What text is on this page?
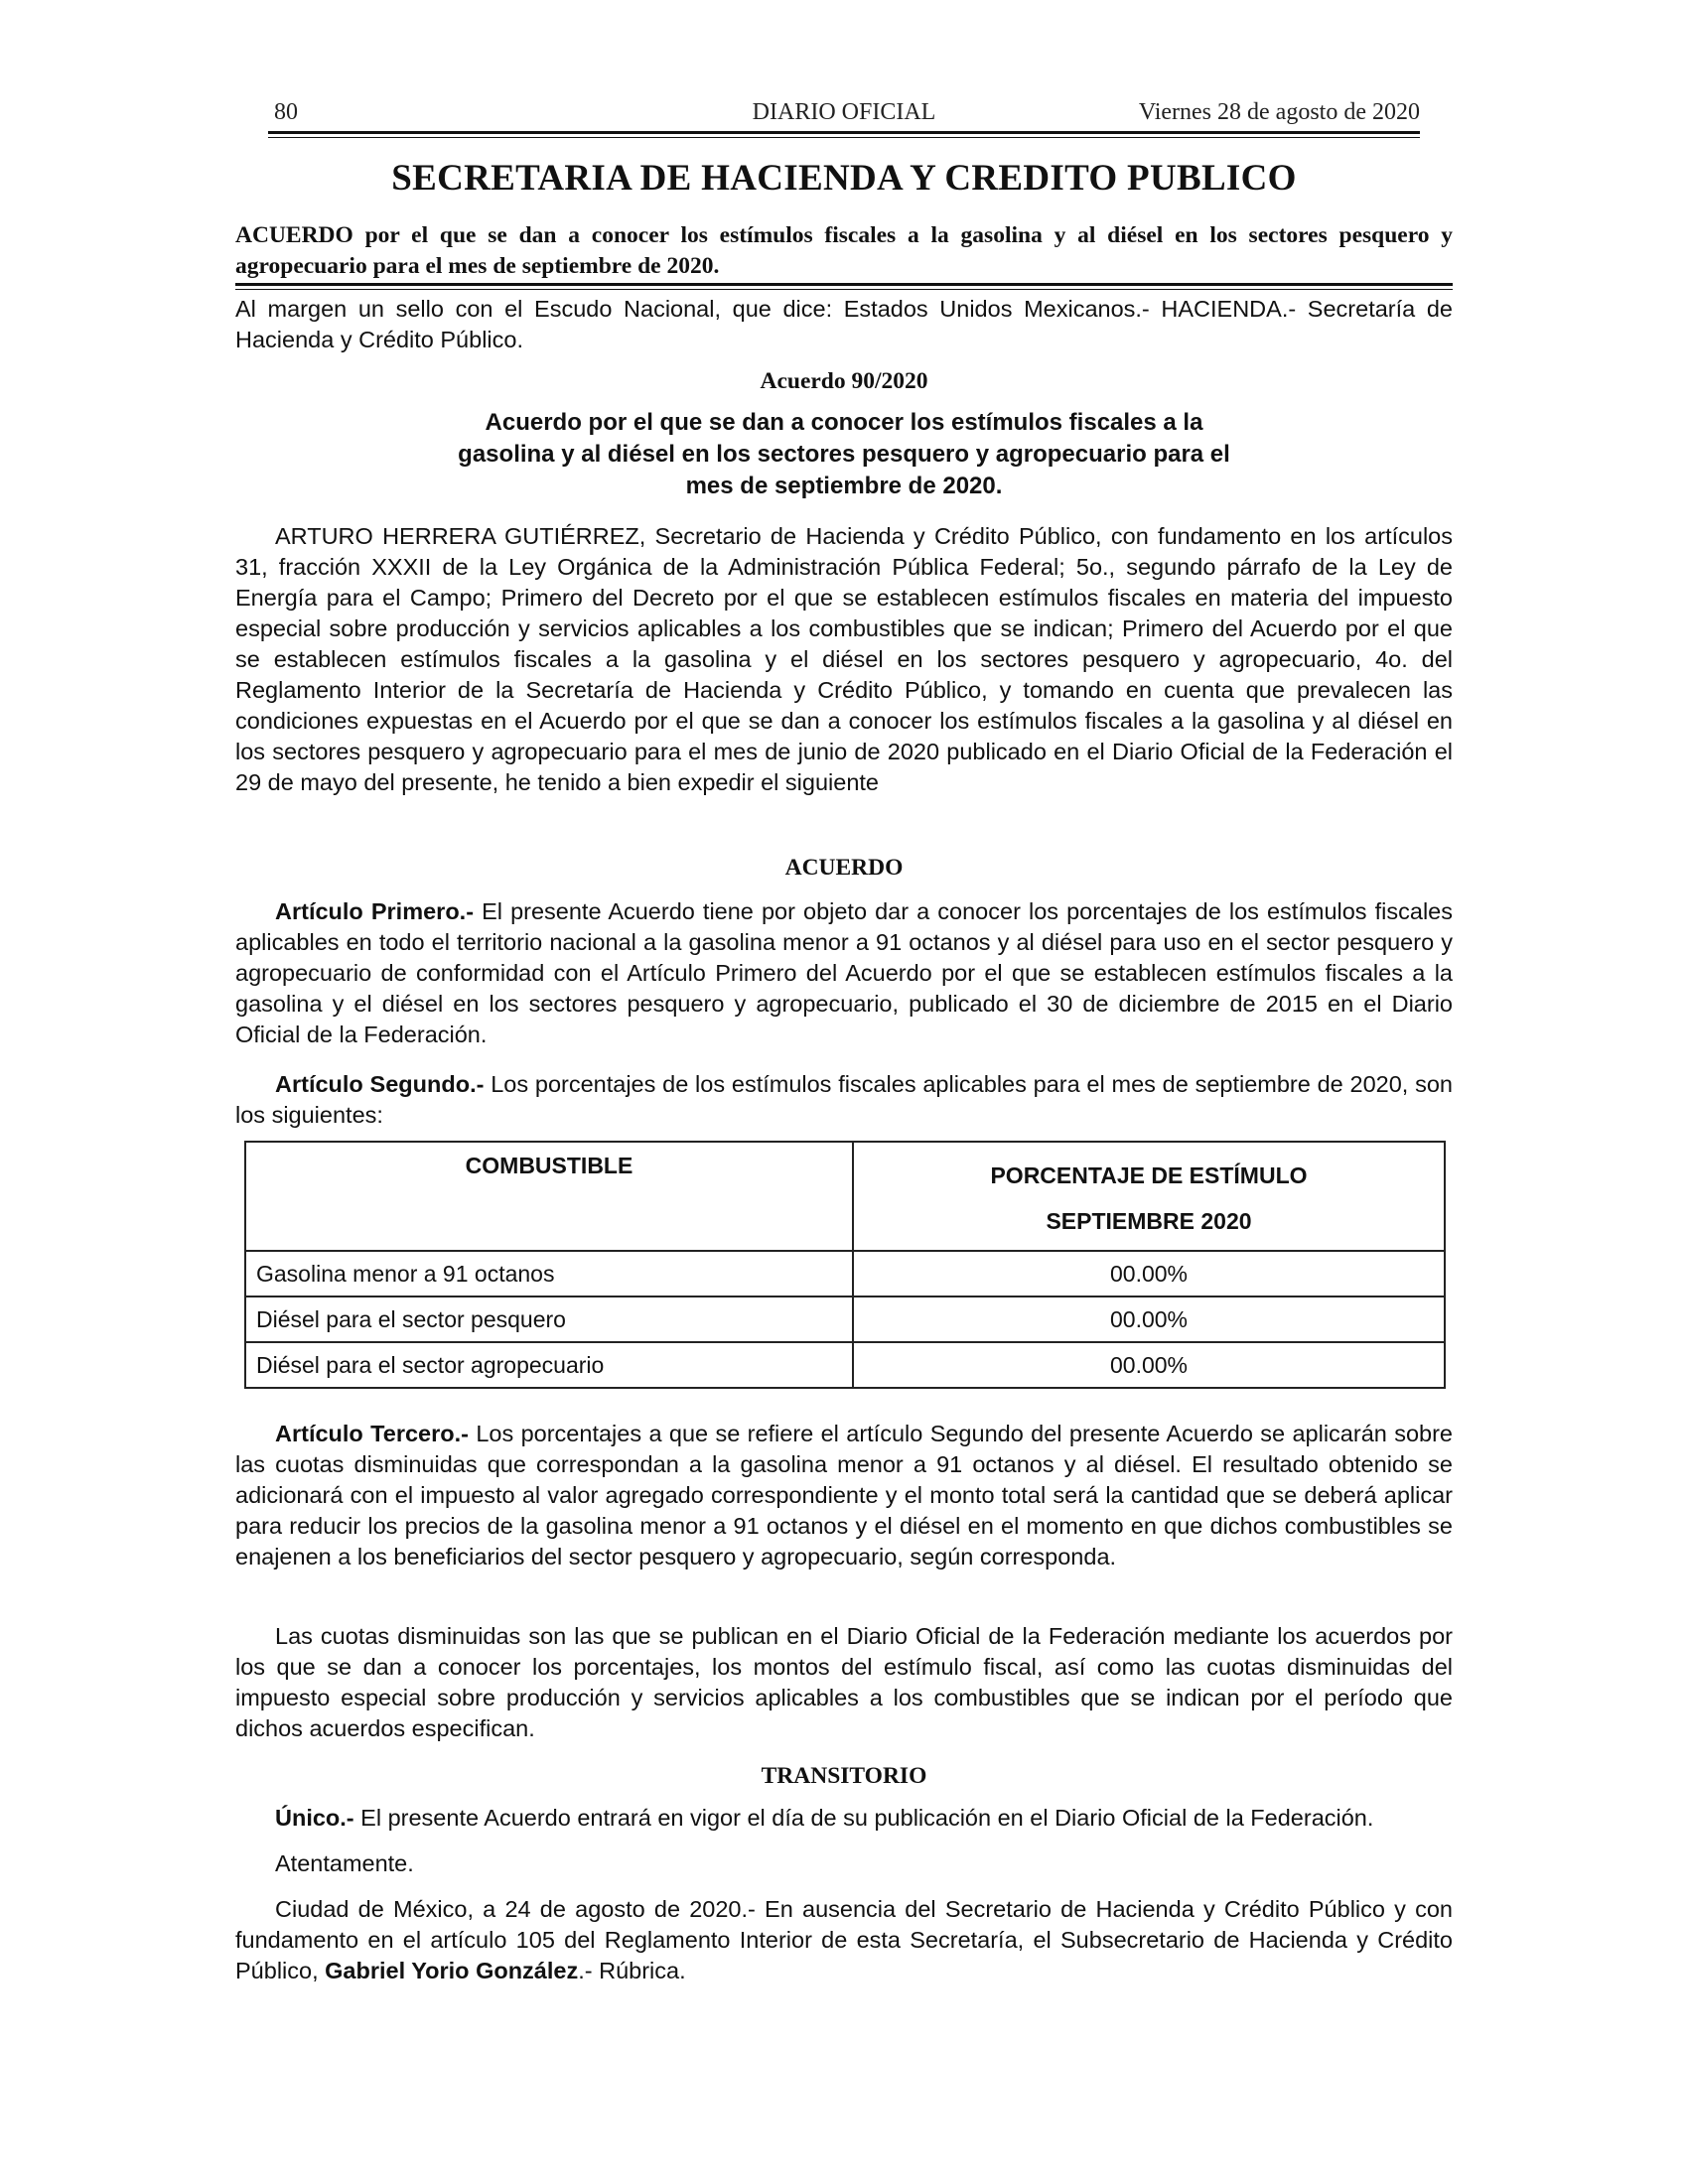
80	DIARIO OFICIAL	Viernes 28 de agosto de 2020
SECRETARIA DE HACIENDA Y CREDITO PUBLICO
ACUERDO por el que se dan a conocer los estímulos fiscales a la gasolina y al diésel en los sectores pesquero y agropecuario para el mes de septiembre de 2020.

Al margen un sello con el Escudo Nacional, que dice: Estados Unidos Mexicanos.- HACIENDA.- Secretaría de Hacienda y Crédito Público.

Acuerdo 90/2020
Acuerdo por el que se dan a conocer los estímulos fiscales a la
gasolina y al diésel en los sectores pesquero y agropecuario para el
mes de septiembre de 2020.

ARTURO HERRERA GUTIÉRREZ, Secretario de Hacienda y Crédito Público, con fundamento en los artículos 31, fracción XXXII de la Ley Orgánica de la Administración Pública Federal; 5o., segundo párrafo de la Ley de Energía para el Campo; Primero del Decreto por el que se establecen estímulos fiscales en materia del impuesto especial sobre producción y servicios aplicables a los combustibles que se indican; Primero del Acuerdo por el que se establecen estímulos fiscales a la gasolina y el diésel en los sectores pesquero y agropecuario, 4o. del Reglamento Interior de la Secretaría de Hacienda y Crédito Público, y tomando en cuenta que prevalecen las condiciones expuestas en el Acuerdo por el que se dan a conocer los estímulos fiscales a la gasolina y al diésel en los sectores pesquero y agropecuario para el mes de junio de 2020 publicado en el Diario Oficial de la Federación el 29 de mayo del presente, he tenido a bien expedir el siguiente

ACUERDO

Artículo Primero.- El presente Acuerdo tiene por objeto dar a conocer los porcentajes de los estímulos fiscales aplicables en todo el territorio nacional a la gasolina menor a 91 octanos y al diésel para uso en el sector pesquero y agropecuario de conformidad con el Artículo Primero del Acuerdo por el que se establecen estímulos fiscales a la gasolina y el diésel en los sectores pesquero y agropecuario, publicado el 30 de diciembre de 2015 en el Diario Oficial de la Federación.

Artículo Segundo.- Los porcentajes de los estímulos fiscales aplicables para el mes de septiembre de 2020, son los siguientes:

COMBUSTIBLE	PORCENTAJE DE ESTÍMULO
SEPTIEMBRE 2020

Gasolina menor a 91 octanos	00.00%
Diésel para el sector pesquero	00.00%
Diésel para el sector agropecuario	00.00%

Artículo Tercero.- Los porcentajes a que se refiere el artículo Segundo del presente Acuerdo se aplicarán sobre las cuotas disminuidas que correspondan a la gasolina menor a 91 octanos y al diésel. El resultado obtenido se adicionará con el impuesto al valor agregado correspondiente y el monto total será la cantidad que se deberá aplicar para reducir los precios de la gasolina menor a 91 octanos y el diésel en el momento en que dichos combustibles se enajenen a los beneficiarios del sector pesquero y agropecuario, según corresponda.

Las cuotas disminuidas son las que se publican en el Diario Oficial de la Federación mediante los acuerdos por los que se dan a conocer los porcentajes, los montos del estímulo fiscal, así como las cuotas disminuidas del impuesto especial sobre producción y servicios aplicables a los combustibles que se indican por el período que dichos acuerdos especifican.

TRANSITORIO

Único.- El presente Acuerdo entrará en vigor el día de su publicación en el Diario Oficial de la Federación.

Atentamente.

Ciudad de México, a 24 de agosto de 2020.- En ausencia del Secretario de Hacienda y Crédito Público y con fundamento en el artículo 105 del Reglamento Interior de esta Secretaría, el Subsecretario de Hacienda y Crédito Público, Gabriel Yorio González.- Rúbrica.
